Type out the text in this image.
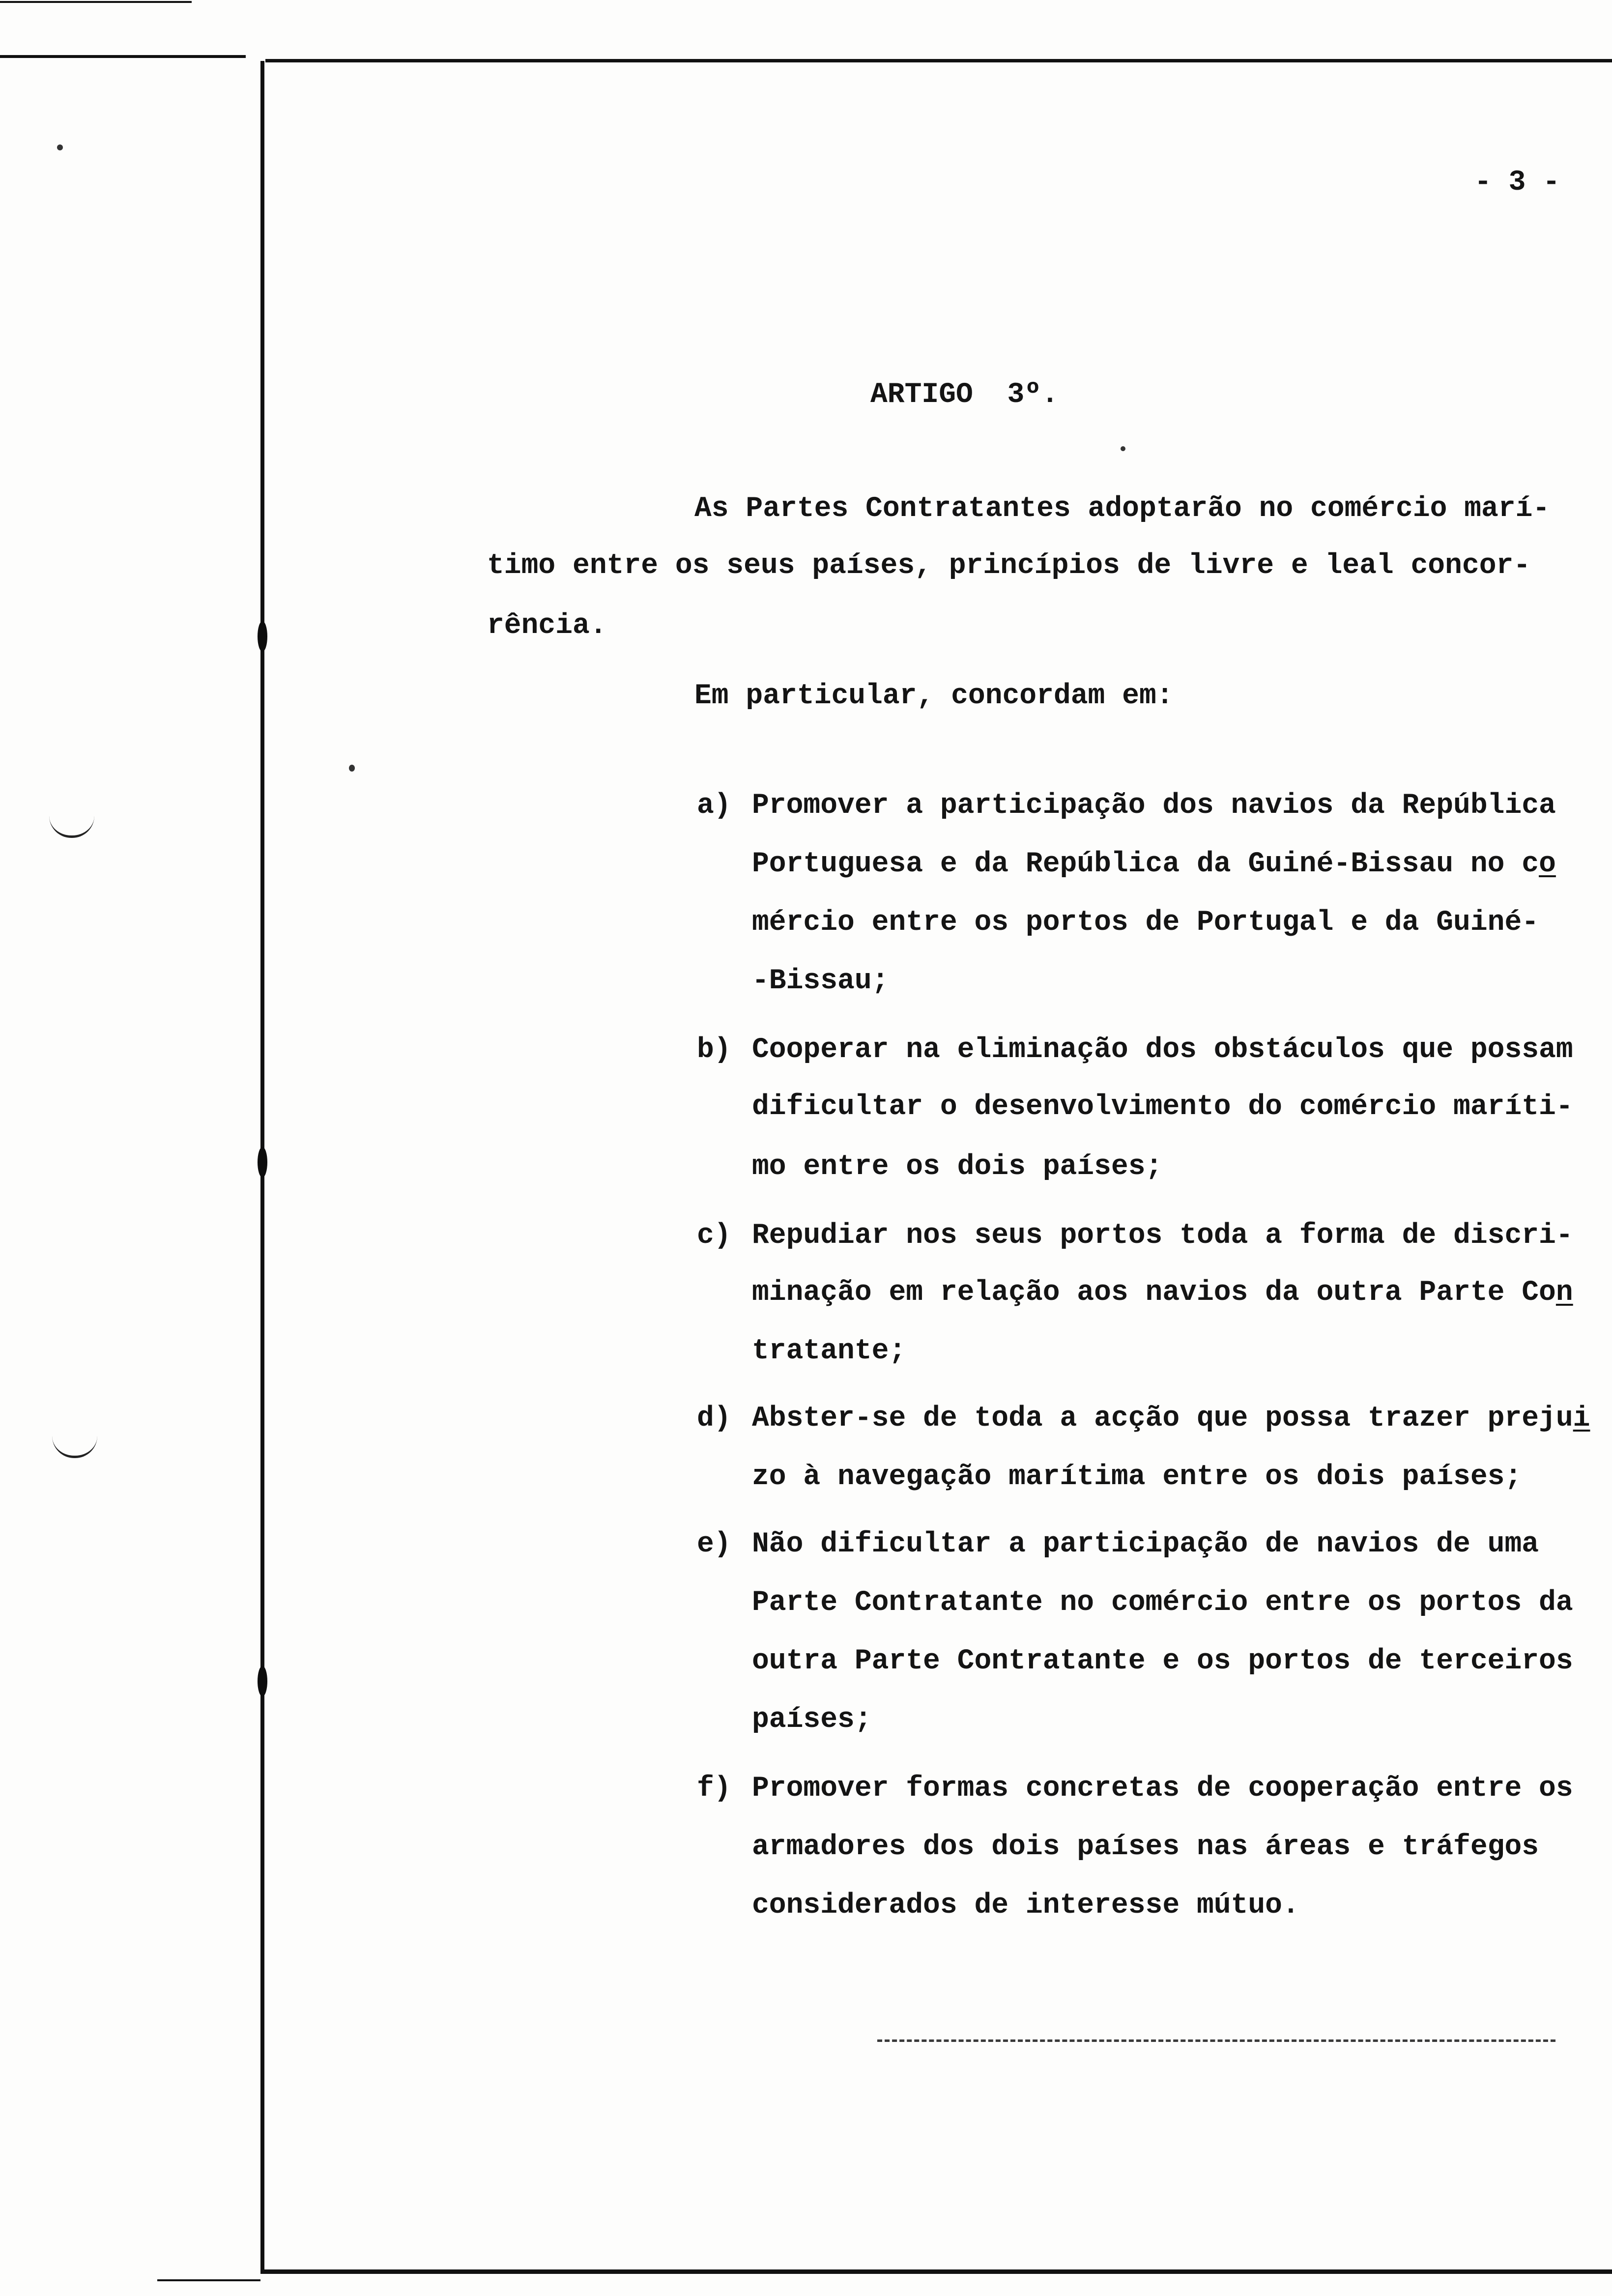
- 3 -
ARTIGO  3º.
As Partes Contratantes adoptarão no comércio marí-
timo entre os seus países, princípios de livre e leal concor-
rência.
Em particular, concordam em:
a) Promover a participação dos navios da República
Portuguesa e da República da Guiné-Bissau no co
mércio entre os portos de Portugal e da Guiné-
-Bissau;
b) Cooperar na eliminação dos obstáculos que possam
dificultar o desenvolvimento do comércio maríti-
mo entre os dois países;
c) Repudiar nos seus portos toda a forma de discri-
minação em relação aos navios da outra Parte Con
tratante;
d) Abster-se de toda a acção que possa trazer prejui
zo à navegação marítima entre os dois países;
e) Não dificultar a participação de navios de uma
Parte Contratante no comércio entre os portos da
outra Parte Contratante e os portos de terceiros
países;
f) Promover formas concretas de cooperação entre os
armadores dos dois países nas áreas e tráfegos
considerados de interesse mútuo.
